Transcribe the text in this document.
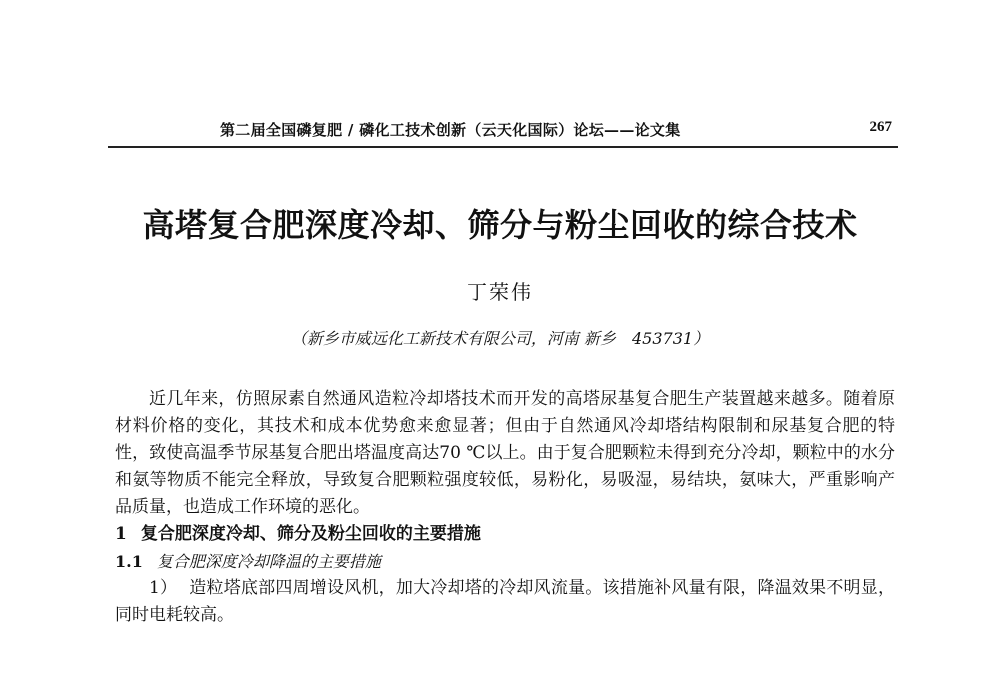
第二届全国磷复肥 / 磷化工技术创新（云天化国际）论坛——论文集	267
高塔复合肥深度冷却、筛分与粉尘回收的综合技术
丁荣伟
（新乡市威远化工新技术有限公司，河南 新乡　453731）

近几年来，仿照尿素自然通风造粒冷却塔技术而开发的高塔尿基复合肥生产装置越来越多。随着原材料价格的变化，其技术和成本优势愈来愈显著；但由于自然通风冷却塔结构限制和尿基复合肥的特性，致使高温季节尿基复合肥出塔温度高达70 ℃以上。由于复合肥颗粒未得到充分冷却，颗粒中的水分和氨等物质不能完全释放，导致复合肥颗粒强度较低，易粉化，易吸湿，易结块，氨味大，严重影响产品质量，也造成工作环境的恶化。

1 复合肥深度冷却、筛分及粉尘回收的主要措施

1.1 复合肥深度冷却降温的主要措施

1） 造粒塔底部四周增设风机，加大冷却塔的冷却风流量。该措施补风量有限，降温效果不明显，同时电耗较高。
